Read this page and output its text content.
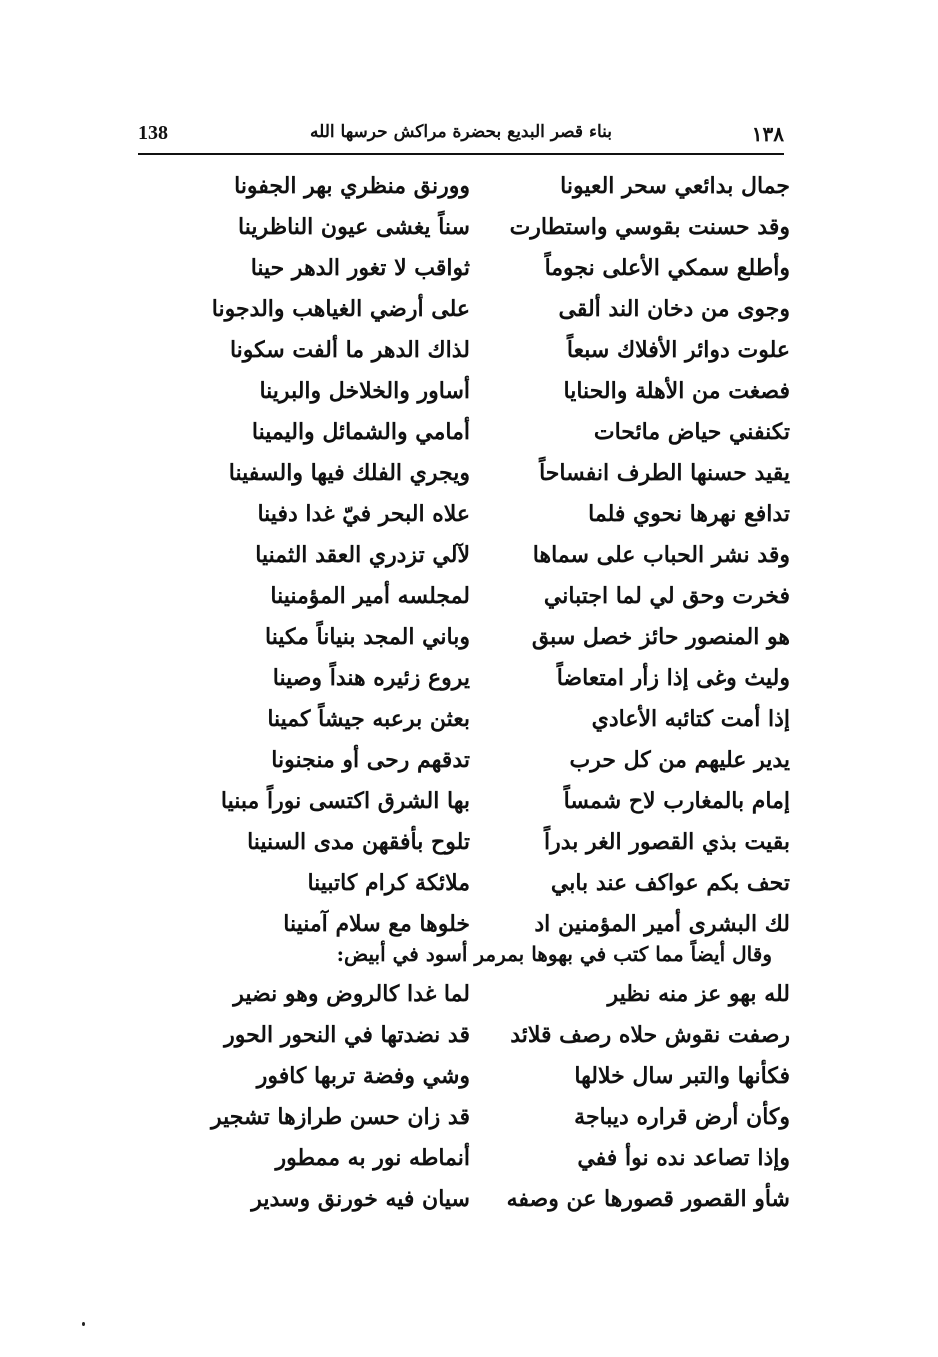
138	بناء قصر البديع بحضرة مراكش حرسها الله	١٣٨
جمال بدائعي سحر العيونا
وورنق منظري بهر الجفونا
وقد حسنت بقوسي واستطارت
سناً يغشى عيون الناظرينا
وأطلع سمكي الأعلى نجوماً
ثواقب لا تغور الدهر حينا
وجوى من دخان الند ألقى
على أرضي الغياهب والدجونا
علوت دوائر الأفلاك سبعاً
لذاك الدهر ما ألفت سكونا
فصغت من الأهلة والحنايا
أساور والخلاخل والبرينا
تكنفني حياض مائحات
أمامي والشمائل واليمينا
يقيد حسنها الطرف انفساحاً
ويجري الفلك فيها والسفينا
تدافع نهرها نحوي فلما
علاه البحر فيّ غدا دفينا
وقد نشر الحباب على سماها
لآلي تزدري العقد الثمنيا
فخرت وحق لي لما اجتباني
لمجلسه أمير المؤمنينا
هو المنصور حائز خصل سبق
وباني المجد بنياناً مكينا
وليث وغى إذا زأر امتعاضاً
يروع زئيره هنداً وصينا
إذا أمت كتائبه الأعادي
بعثن برعبه جيشاً كمينا
يدير عليهم من كل حرب
تدقهم رحى أو منجنونا
إمام بالمغارب لاح شمساً
بها الشرق اكتسى نوراً مبنيا
بقيت بذي القصور الغر بدراً
تلوح بأفقهن مدى السنينا
تحف بكم عواكف عند بابي
ملائكة كرام كاتبينا
لك البشرى أمير المؤمنين اد
خلوها مع سلام آمنينا
وقال أيضاً مما كتب في بهوها بمرمر أسود في أبيض:
لله بهو عز منه نظير
لما غدا كالروض وهو نضير
رصفت نقوش حلاه رصف قلائد
قد نضدتها في النحور الحور
فكأنها والتبر سال خلالها
وشي وفضة تربها كافور
وكأن أرض قراره ديباجة
قد زان حسن طرازها تشجير
وإذا تصاعد نده نوأ ففي
أنماطه نور به ممطور
شأو القصور قصورها عن وصفه
سيان فيه خورنق وسدير
